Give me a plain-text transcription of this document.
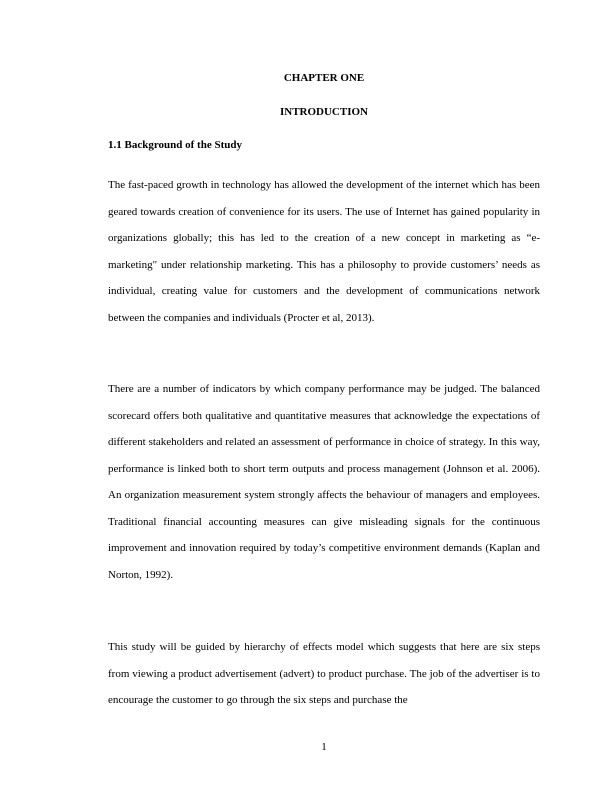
CHAPTER ONE
INTRODUCTION
1.1 Background of the Study

The fast-paced growth in technology has allowed the development of the internet which has been geared towards creation of convenience for its users. The use of Internet has gained popularity in organizations globally; this has led to the creation of a new concept in marketing as “e-marketing" under relationship marketing. This has a philosophy to provide customers’ needs as individual, creating value for customers and the development of communications network between the companies and individuals (Procter et al, 2013).

There are a number of indicators by which company performance may be judged. The balanced scorecard offers both qualitative and quantitative measures that acknowledge the expectations of different stakeholders and related an assessment of performance in choice of strategy. In this way, performance is linked both to short term outputs and process management (Johnson et al. 2006). An organization measurement system strongly affects the behaviour of managers and employees. Traditional financial accounting measures can give misleading signals for the continuous improvement and innovation required by today’s competitive environment demands (Kaplan and Norton, 1992).

This study will be guided by hierarchy of effects model which suggests that here are six steps from viewing a product advertisement (advert) to product purchase. The job of the advertiser is to encourage the customer to go through the six steps and purchase the

1
